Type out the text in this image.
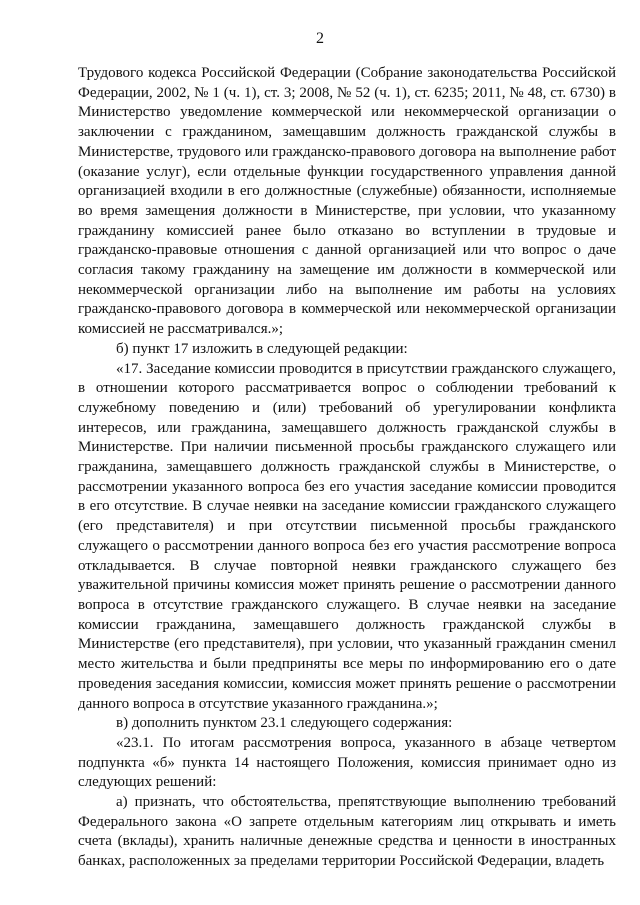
2

Трудового кодекса Российской Федерации (Собрание законодательства Российской Федерации, 2002, № 1 (ч. 1), ст. 3; 2008, № 52 (ч. 1), ст. 6235; 2011, № 48, ст. 6730) в Министерство уведомление коммерческой или некоммерческой организации о заключении с гражданином, замещавшим должность гражданской службы в Министерстве, трудового или гражданско-правового договора на выполнение работ (оказание услуг), если отдельные функции государственного управления данной организацией входили в его должностные (служебные) обязанности, исполняемые во время замещения должности в Министерстве, при условии, что указанному гражданину комиссией ранее было отказано во вступлении в трудовые и гражданско-правовые отношения с данной организацией или что вопрос о даче согласия такому гражданину на замещение им должности в коммерческой или некоммерческой организации либо на выполнение им работы на условиях гражданско-правового договора в коммерческой или некоммерческой организации комиссией не рассматривался.»;

б) пункт 17 изложить в следующей редакции:

«17. Заседание комиссии проводится в присутствии гражданского служащего, в отношении которого рассматривается вопрос о соблюдении требований к служебному поведению и (или) требований об урегулировании конфликта интересов, или гражданина, замещавшего должность гражданской службы в Министерстве. При наличии письменной просьбы гражданского служащего или гражданина, замещавшего должность гражданской службы в Министерстве, о рассмотрении указанного вопроса без его участия заседание комиссии проводится в его отсутствие. В случае неявки на заседание комиссии гражданского служащего (его представителя) и при отсутствии письменной просьбы гражданского служащего о рассмотрении данного вопроса без его участия рассмотрение вопроса откладывается. В случае повторной неявки гражданского служащего без уважительной причины комиссия может принять решение о рассмотрении данного вопроса в отсутствие гражданского служащего. В случае неявки на заседание комиссии гражданина, замещавшего должность гражданской службы в Министерстве (его представителя), при условии, что указанный гражданин сменил место жительства и были предприняты все меры по информированию его о дате проведения заседания комиссии, комиссия может принять решение о рассмотрении данного вопроса в отсутствие указанного гражданина.»;

в) дополнить пунктом 23.1 следующего содержания:

«23.1. По итогам рассмотрения вопроса, указанного в абзаце четвертом подпункта «б» пункта 14 настоящего Положения, комиссия принимает одно из следующих решений:

а) признать, что обстоятельства, препятствующие выполнению требований Федерального закона «О запрете отдельным категориям лиц открывать и иметь счета (вклады), хранить наличные денежные средства и ценности в иностранных банках, расположенных за пределами территории Российской Федерации, владеть
